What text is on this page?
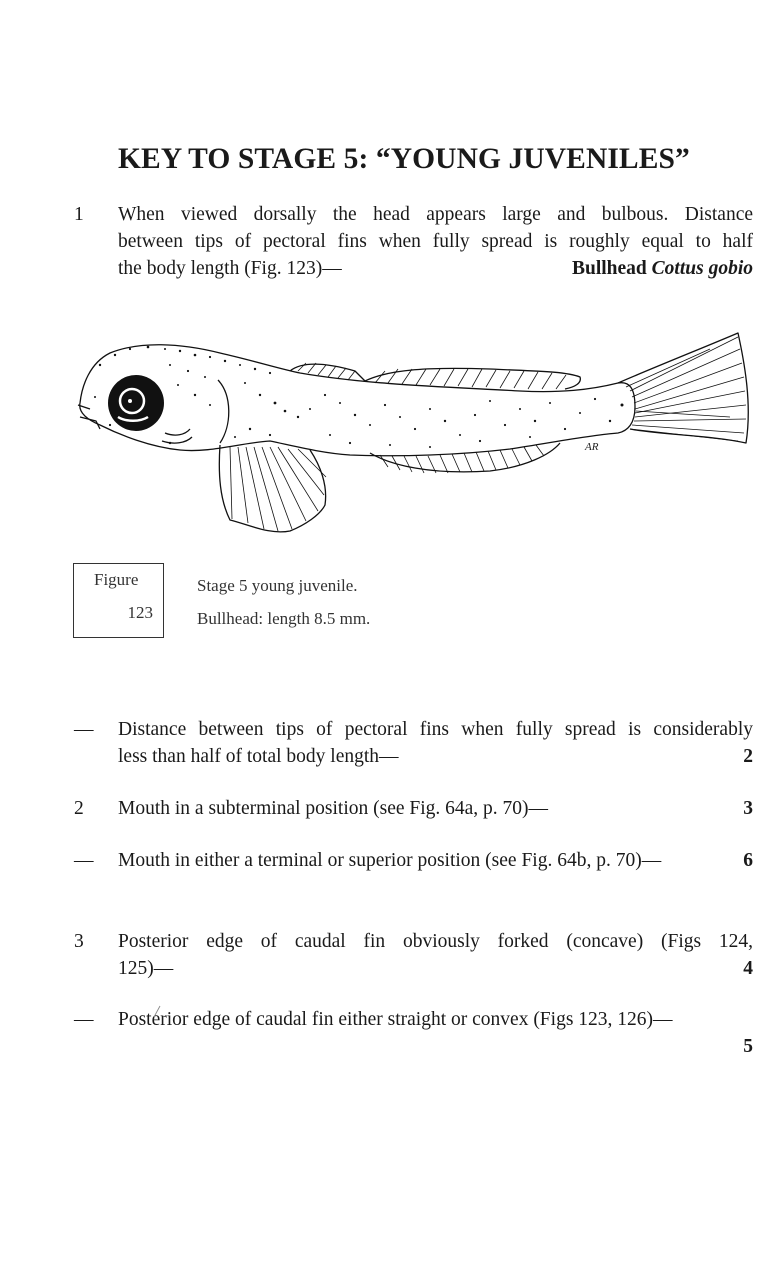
KEY TO STAGE 5: “YOUNG JUVENILES”
1	When viewed dorsally the head appears large and bulbous. Distance
between tips of pectoral fins when fully spread is roughly equal to half
the body length (Fig. 123)—	Bullhead Cottus gobio
AR
Figure
123
Stage 5 young juvenile.
Bullhead: length 8.5 mm.
—	Distance between tips of pectoral fins when fully spread is considerably
less than half of total body length—	2
2	Mouth in a subterminal position (see Fig. 64a, p. 70)—	3
—	Mouth in either a terminal or superior position (see Fig. 64b, p. 70)—	6
3	Posterior edge of caudal fin obviously forked (concave) (Figs 124,
125)—	4
—	Posterior edge of caudal fin either straight or convex (Figs 123, 126)—
5
